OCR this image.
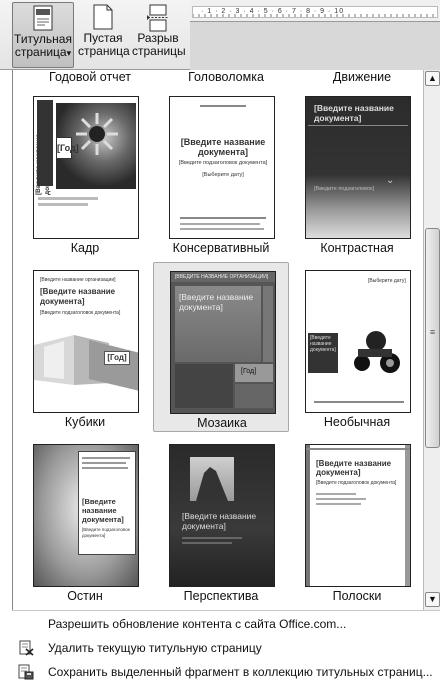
Титульная
страница▾
Пустая
страница
Разрыв
страницы
· 1 · 2 · 3 · 4 · 5 · 6 · 7 · 8 · 9 · 10
Годовой отчет	Головоломка	Движение
[Год]
[Введите название документа]
Кадр
[Введите название документа]
[Введите подзаголовок документа]
[Выберите дату]
Консервативный
[Введите название документа]
⌄
[Введите подзаголовок]
Контрастная
[Введите название организации]
[Введите название документа]
[Введите подзаголовок документа]
[Год]
Кубики
[ВВЕДИТЕ НАЗВАНИЕ ОРГАНИЗАЦИИ]
[Введите название документа]
[Год]
Мозаика
[Выберите дату]
[Введите название документа]
Необычная
[Введите название документа]
[Введите подзаголовок документа]
Остин
[Введите название документа]
Перспектива
[Введите название документа]
[Введите подзаголовок документа]
Полоски
▲
≡
▼
Разрешить обновление контента с сайта Office.com...
Удалить текущую титульную страницу
Сохранить выделенный фрагмент в коллекцию титульных страниц...
